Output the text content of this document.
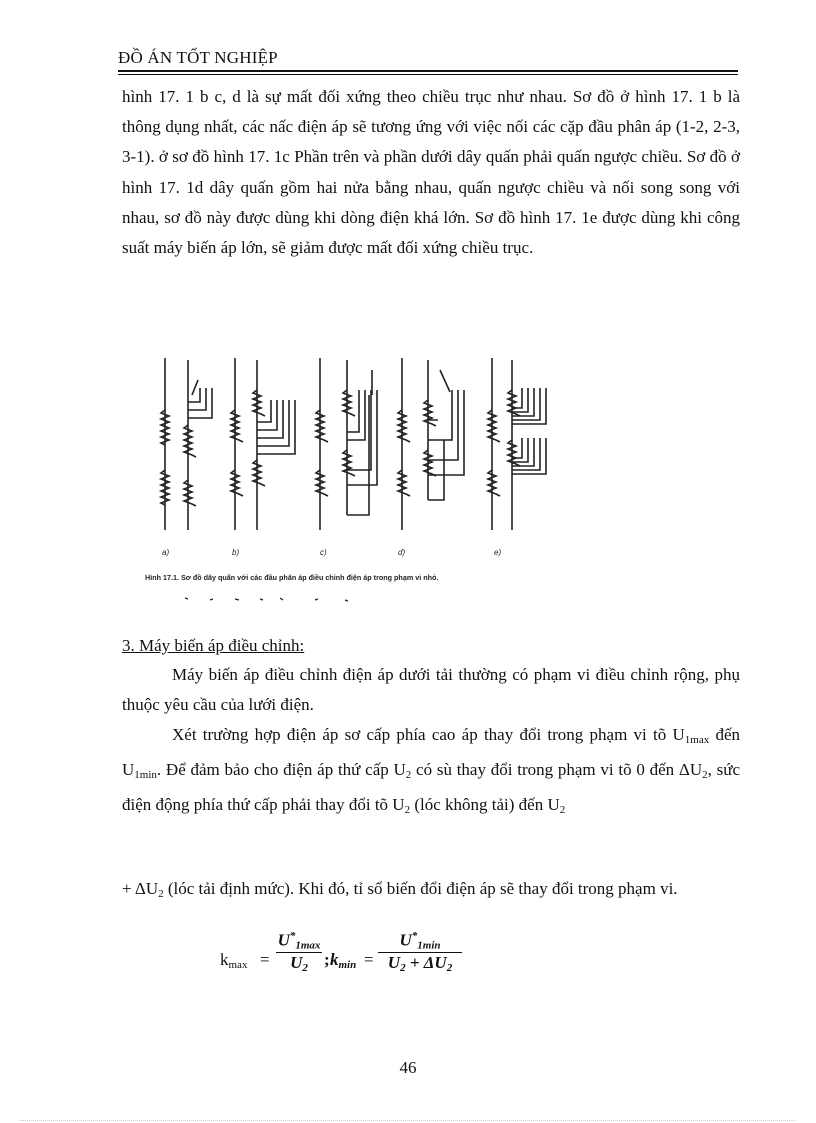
ĐỒ ÁN TỐT NGHIỆP

hình 17. 1 b c, d là sự mất đối xứng theo chiều trục như nhau. Sơ đồ ở hình 17. 1 b là thông dụng nhất, các nấc điện áp sẽ tương ứng với việc nối các cặp đầu phân áp (1-2, 2-3, 3-1). ở sơ đồ hình 17. 1c Phần trên và phần dưới dây quấn phải quấn ngược chiều. Sơ đồ ở hình 17. 1d dây quấn gồm hai nửa bằng nhau, quấn ngược chiều và nối song song với nhau, sơ đồ này được dùng khi dòng điện khá lớn. Sơ đồ hình 17. 1e được dùng khi công suất máy biến áp lớn, sẽ giảm được mất đối xứng chiều trục.

a)	b)	c)	d)	e)
Hình 17.1. Sơ đồ dây quấn với các đầu phân áp điều chỉnh điện áp trong phạm vi nhỏ.
3. Máy biến áp điều chỉnh:

Máy biến áp điều chỉnh điện áp dưới tải thường có phạm vi điều chỉnh rộng, phụ thuộc yêu cầu của lưới điện.

Xét trường hợp điện áp sơ cấp phía cao áp thay đổi trong phạm vi tõ $U_{1max}$ đến $U_{1min}$. Để đảm bảo cho điện áp thứ cấp $U_2$ có sù thay đổi trong phạm vi tõ 0 đến $\Delta U_2$, sức điện động phía thứ cấp phải thay đổi tõ $U_2$ (lóc không tải) đến $U_2$

+ $\Delta U_2$ (lóc tải định mức). Khi đó, tỉ số biến đổi điện áp sẽ thay đổi trong phạm vi.

$k_{max}$ =
$U^*_{1max}$
$U_2$ ; $k_{min}$ =
$U^*_{1min}$
$U_2 + \Delta U_2$
46
